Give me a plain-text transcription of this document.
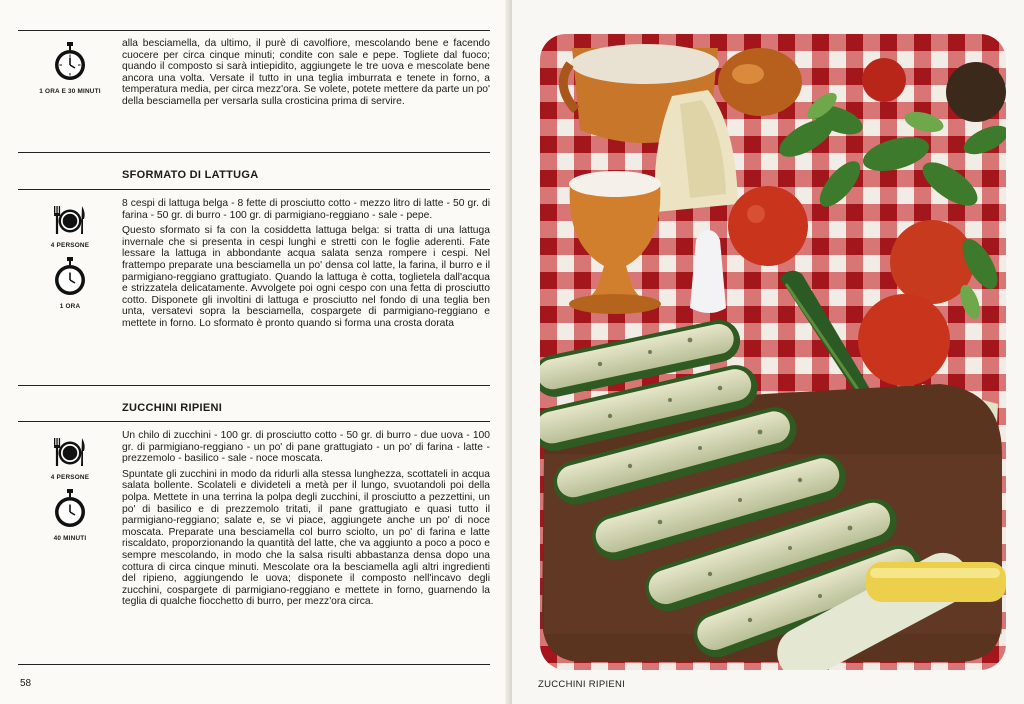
1 ORA E 30 MINUTI

alla besciamella, da ultimo, il purè di cavolfiore, mescolando bene e facendo cuocere per circa cinque minuti; condite con sale e pepe. Togliete dal fuoco; quando il composto si sarà intiepidito, aggiungete le tre uova e mescolate bene ancora una volta. Versate il tutto in una teglia imburrata e tenete in forno, a temperatura media, per circa mezz'ora. Se volete, potete mettere da parte un po' della besciamella per versarla sulla crosticina prima di servire.

SFORMATO DI LATTUGA
4 PERSONE
1 ORA

8 cespi di lattuga belga - 8 fette di prosciutto cotto - mezzo litro di latte - 50 gr. di farina - 50 gr. di burro - 100 gr. di parmigiano-reggiano - sale - pepe.

Questo sformato si fa con la cosiddetta lattuga belga: si tratta di una lattuga invernale che si presenta in cespi lunghi e stretti con le foglie aderenti. Fate lessare la lattuga in abbondante acqua salata senza rompere i cespi. Nel frattempo preparate una besciamella un po' densa col latte, la farina, il burro e il parmigiano-reggiano grattugiato. Quando la lattuga è cotta, toglietela dall'acqua e strizzatela delicatamente. Avvolgete poi ogni cespo con una fetta di prosciutto cotto. Disponete gli involtini di lattuga e prosciutto nel fondo di una teglia ben unta, versatevi sopra la besciamella, cospargete di parmigiano-reggiano e mettete in forno. Lo sformato è pronto quando si forma una crosta dorata

ZUCCHINI RIPIENI
4 PERSONE
40 MINUTI

Un chilo di zucchini - 100 gr. di prosciutto cotto - 50 gr. di burro - due uova - 100 gr. di parmigiano-reggiano - un po' di pane grattugiato - un po' di farina - latte - prezzemolo - basilico - sale - noce moscata.

Spuntate gli zucchini in modo da ridurli alla stessa lunghezza, scottateli in acqua salata bollente. Scolateli e divideteli a metà per il lungo, svuotandoli poi della polpa. Mettete in una terrina la polpa degli zucchini, il prosciutto a pezzettini, un po' di basilico e di prezzemolo tritati, il pane grattugiato e quasi tutto il parmigiano-reggiano; salate e, se vi piace, aggiungete anche un po' di noce moscata. Preparate una besciamella col burro sciolto, un po' di farina e latte riscaldato, proporzionando la quantità del latte, che va aggiunto a poco a poco e sempre mescolando, in modo che la salsa risulti abbastanza densa dopo una cottura di circa cinque minuti. Mescolate ora la besciamella agli altri ingredienti del ripieno, aggiungendo le uova; disponete il composto nell'incavo degli zucchini, cospargete di parmigiano-reggiano e mettete in forno, guarnendo la teglia di qualche fiocchetto di burro, per mezz'ora circa.

58	ZUCCHINI RIPIENI
